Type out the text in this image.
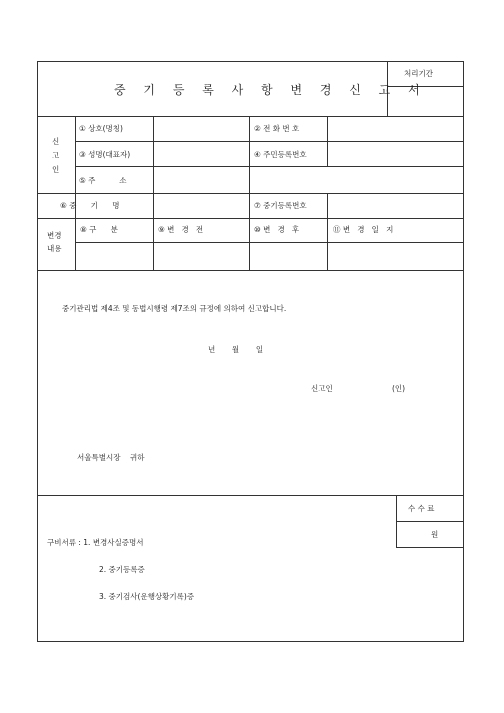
중 기 등 록 사 항 변 경 신 고 서
처리기간
신
고
인
① 상호(명칭)	② 전 화 번 호
③ 성명(대표자)	④ 주민등록번호
⑤ 주          소
⑥ 중      기      명	⑦ 중기등록번호
변경
내용
⑧ 구      분	⑨ 변   경   전	⑩ 변   경   후	⑪ 변   경   일   지
중기관리법 제4조 및 동법시행령 제7조의 규정에 의하여 신고합니다.
년       월       일
신고인	(인)
서울특별시장    귀하
수 수 료
원
구비서류 : 1. 변경사실증명서
2. 중기등록증
3. 중기검사(운행상황기록)증
